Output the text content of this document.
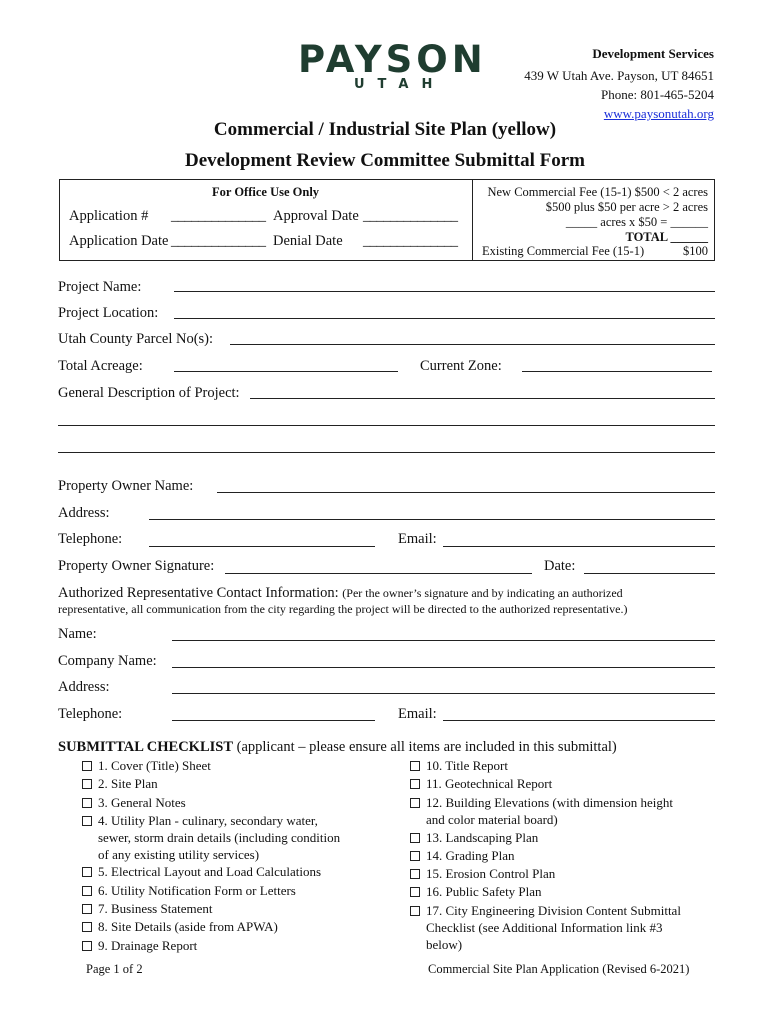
PAYSON
UTAH
Development Services
439 W Utah Ave. Payson, UT 84651
Phone: 801-465-5204
www.paysonutah.org
Commercial / Industrial Site Plan (yellow)
Development Review Committee Submittal Form
For Office Use Only
Application # ______________ Approval Date ______________
Application Date ______________ Denial Date ______________
New Commercial Fee (15-1) $500 < 2 acres
$500 plus $50 per acre > 2 acres
_____ acres x $50 = ______
TOTAL ______
Existing Commercial Fee (15-1)	$100
Project Name:
Project Location:
Utah County Parcel No(s):
Total Acreage:	Current Zone:
General Description of Project:
Property Owner Name:
Address:
Telephone:	Email:
Property Owner Signature:	Date:
Authorized Representative Contact Information: (Per the owner’s signature and by indicating an authorized
representative, all communication from the city regarding the project will be directed to the authorized representative.)
Name:
Company Name:
Address:
Telephone:	Email:
SUBMITTAL CHECKLIST (applicant – please ensure all items are included in this submittal)
1. Cover (Title) Sheet
2. Site Plan
3. General Notes
4. Utility Plan - culinary, secondary water,
sewer, storm drain details (including condition
of any existing utility services)
5. Electrical Layout and Load Calculations
6. Utility Notification Form or Letters
7. Business Statement
8. Site Details (aside from APWA)
9. Drainage Report
10. Title Report
11. Geotechnical Report
12. Building Elevations (with dimension height
and color material board)
13. Landscaping Plan
14. Grading Plan
15. Erosion Control Plan
16. Public Safety Plan
17. City Engineering Division Content Submittal
Checklist (see Additional Information link #3
below)
Page 1 of 2	Commercial Site Plan Application (Revised 6-2021)
